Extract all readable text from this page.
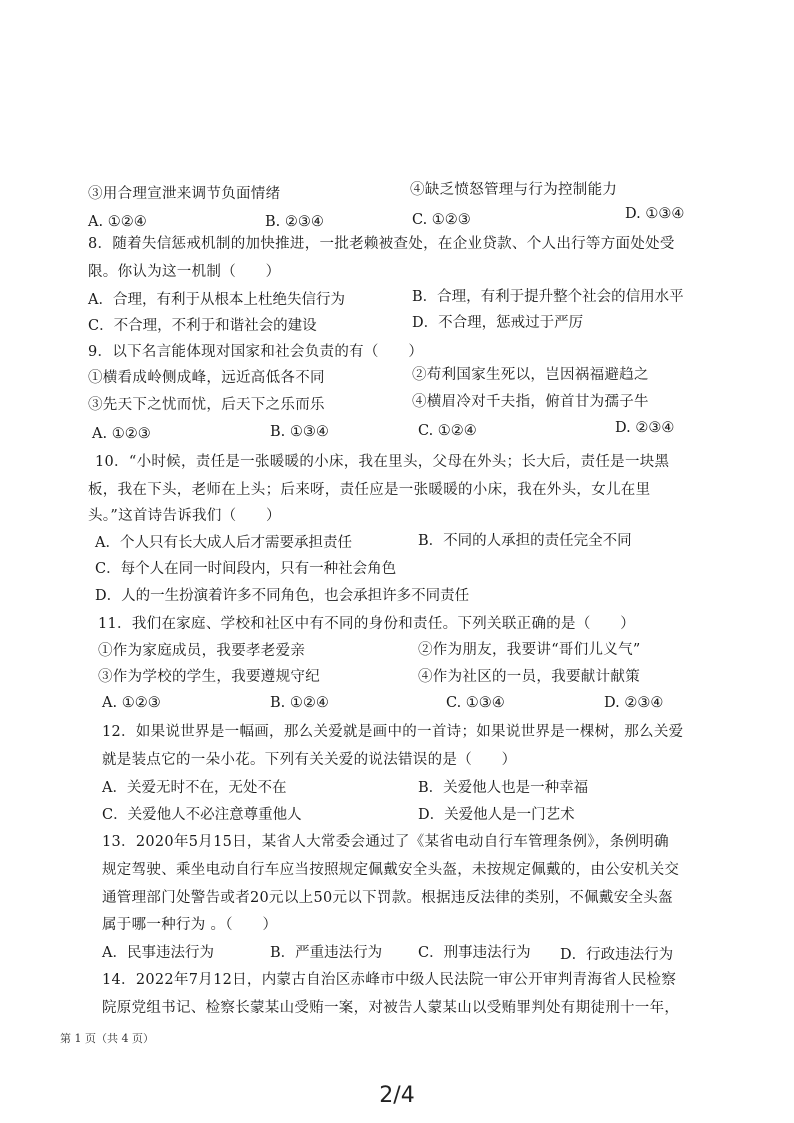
③用合理宣泄来调节负面情绪	④缺乏愤怒管理与行为控制能力
A. ①②④	B. ②③④	C. ①②③	D. ①③④
8．随着失信惩戒机制的加快推进，一批老赖被查处，在企业贷款、个人出行等方面处处受
限。你认为这一机制（　　）
A．合理，有利于从根本上杜绝失信行为	B．合理，有利于提升整个社会的信用水平
C．不合理，不利于和谐社会的建设	D．不合理，惩戒过于严厉
9．以下名言能体现对国家和社会负责的有（　　）
①横看成岭侧成峰，远近高低各不同	②苟利国家生死以，岂因祸福避趋之
③先天下之忧而忧，后天下之乐而乐	④横眉冷对千夫指，俯首甘为孺子牛
A. ①②③	B. ①③④	C. ①②④	D. ②③④
10．“小时候，责任是一张暖暖的小床，我在里头，父母在外头；长大后，责任是一块黑
板，我在下头，老师在上头；后来呀，责任应是一张暖暖的小床，我在外头，女儿在里
头。”这首诗告诉我们（　　）
A．个人只有长大成人后才需要承担责任	B．不同的人承担的责任完全不同
C．每个人在同一时间段内，只有一种社会角色
D．人的一生扮演着许多不同角色，也会承担许多不同责任
11．我们在家庭、学校和社区中有不同的身份和责任。下列关联正确的是（　　）
①作为家庭成员，我要孝老爱亲	②作为朋友，我要讲“哥们儿义气”
③作为学校的学生，我要遵规守纪	④作为社区的一员，我要献计献策
A. ①②③	B. ①②④	C. ①③④	D. ②③④
12．如果说世界是一幅画，那么关爱就是画中的一首诗；如果说世界是一棵树，那么关爱
就是装点它的一朵小花。下列有关关爱的说法错误的是（　　）
A．关爱无时不在，无处不在	B．关爱他人也是一种幸福
C．关爱他人不必注意尊重他人	D．关爱他人是一门艺术
13．2020年5月15日，某省人大常委会通过了《某省电动自行车管理条例》，条例明确
规定驾驶、乘坐电动自行车应当按照规定佩戴安全头盔，未按规定佩戴的，由公安机关交
通管理部门处警告或者20元以上50元以下罚款。根据违反法律的类别，不佩戴安全头盔
属于哪一种行为 。（　　）
A．民事违法行为	B．严重违法行为 C．刑事违法行为 D．行政违法行为
14．2022年7月12日，内蒙古自治区赤峰市中级人民法院一审公开审判青海省人民检察
院原党组书记、检察长蒙某山受贿一案，对被告人蒙某山以受贿罪判处有期徒刑十一年，
第 1 页（共 4 页）
2/4
